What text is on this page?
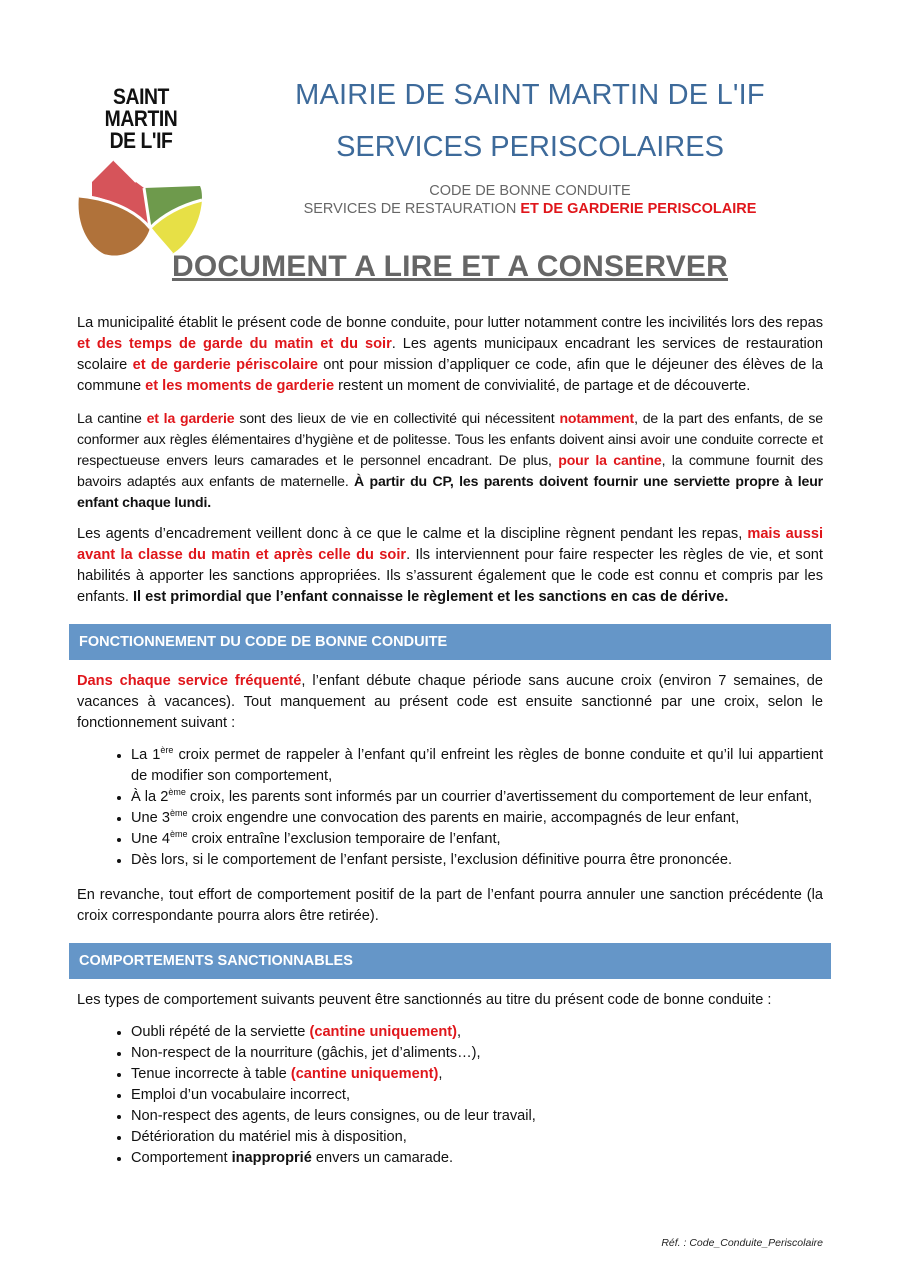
SAINT MARTIN
DE L'IF
MAIRIE DE SAINT MARTIN DE L'IF
SERVICES PERISCOLAIRES
CODE DE BONNE CONDUITE
SERVICES DE RESTAURATION ET DE GARDERIE PERISCOLAIRE
DOCUMENT A LIRE ET A CONSERVER

La municipalité établit le présent code de bonne conduite, pour lutter notamment contre les incivilités lors des repas et des temps de garde du matin et du soir. Les agents municipaux encadrant les services de restauration scolaire et de garderie périscolaire ont pour mission d’appliquer ce code, afin que le déjeuner des élèves de la commune et les moments de garderie restent un moment de convivialité, de partage et de découverte.

La cantine et la garderie sont des lieux de vie en collectivité qui nécessitent notamment, de la part des enfants, de se conformer aux règles élémentaires d’hygiène et de politesse. Tous les enfants doivent ainsi avoir une conduite correcte et respectueuse envers leurs camarades et le personnel encadrant. De plus, pour la cantine, la commune fournit des bavoirs adaptés aux enfants de maternelle. À partir du CP, les parents doivent fournir une serviette propre à leur enfant chaque lundi.

Les agents d’encadrement veillent donc à ce que le calme et la discipline règnent pendant les repas, mais aussi avant la classe du matin et après celle du soir. Ils interviennent pour faire respecter les règles de vie, et sont habilités à apporter les sanctions appropriées. Ils s’assurent également que le code est connu et compris par les enfants. Il est primordial que l’enfant connaisse le règlement et les sanctions en cas de dérive.

FONCTIONNEMENT DU CODE DE BONNE CONDUITE

Dans chaque service fréquenté, l’enfant débute chaque période sans aucune croix (environ 7 semaines, de vacances à vacances). Tout manquement au présent code est ensuite sanctionné par une croix, selon le fonctionnement suivant :

• La 1ère croix permet de rappeler à l’enfant qu’il enfreint les règles de bonne conduite et qu’il lui appartient de modifier son comportement,
• À la 2ème croix, les parents sont informés par un courrier d’avertissement du comportement de leur enfant,
• Une 3ème croix engendre une convocation des parents en mairie, accompagnés de leur enfant,
• Une 4ème croix entraîne l’exclusion temporaire de l’enfant,
• Dès lors, si le comportement de l’enfant persiste, l’exclusion définitive pourra être prononcée.

En revanche, tout effort de comportement positif de la part de l’enfant pourra annuler une sanction précédente (la croix correspondante pourra alors être retirée).

COMPORTEMENTS SANCTIONNABLES

Les types de comportement suivants peuvent être sanctionnés au titre du présent code de bonne conduite :

• Oubli répété de la serviette (cantine uniquement),
• Non-respect de la nourriture (gâchis, jet d’aliments…),
• Tenue incorrecte à table (cantine uniquement),
• Emploi d’un vocabulaire incorrect,
• Non-respect des agents, de leurs consignes, ou de leur travail,
• Détérioration du matériel mis à disposition,
• Comportement inapproprié envers un camarade.
Réf. : Code_Conduite_Periscolaire
